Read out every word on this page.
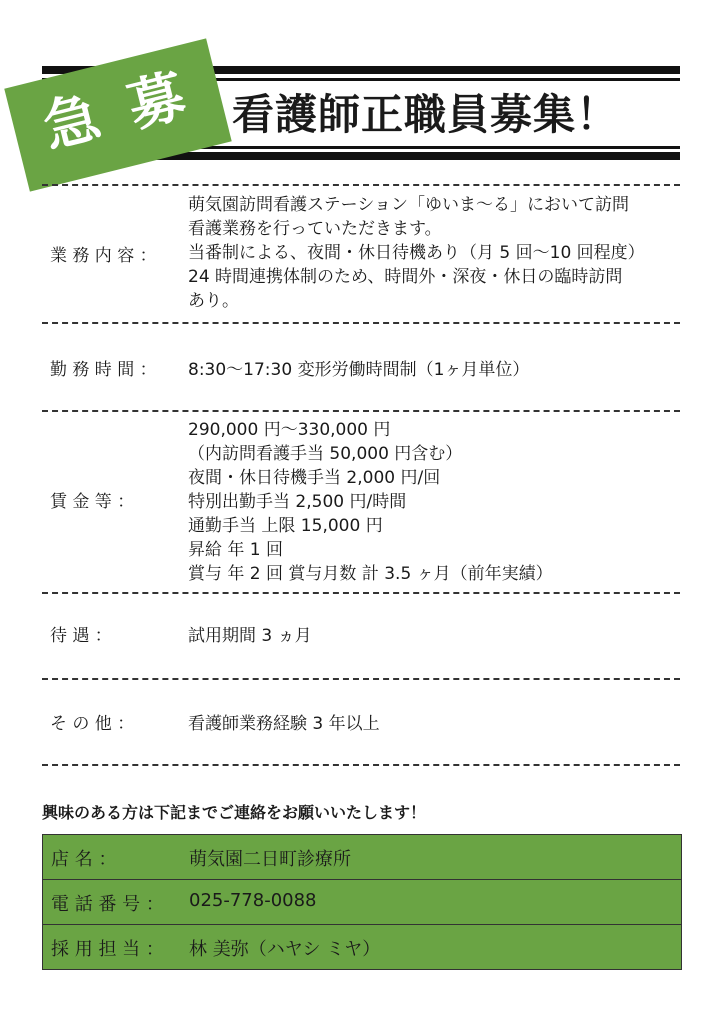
急 募 看護師正職員募集！
業 務 内 容 ：
萌気園訪問看護ステーション「ゆいま～る」において訪問
看護業務を行っていただきます。
当番制による、夜間・休日待機あり（月 5 回～10 回程度）
24 時間連携体制のため、時間外・深夜・休日の臨時訪問
あり。
勤 務 時 間 ：	8:30～17:30 変形労働時間制（1ヶ月単位）
賃 金 等 ：
290,000 円～330,000 円
（内訪問看護手当 50,000 円含む）
夜間・休日待機手当 2,000 円/回
特別出勤手当 2,500 円/時間
通勤手当 上限 15,000 円
昇給 年 1 回
賞与 年 2 回 賞与月数 計 3.5 ヶ月（前年実績）
待 遇 ：	試用期間 3 ヵ月
そ の 他 ：	看護師業務経験 3 年以上
興味のある方は下記までご連絡をお願いいたします！
店 名 ：	萌気園二日町診療所
電 話 番 号 ： 025-778-0088
採 用 担 当 ： 林 美弥（ハヤシ ミヤ）
